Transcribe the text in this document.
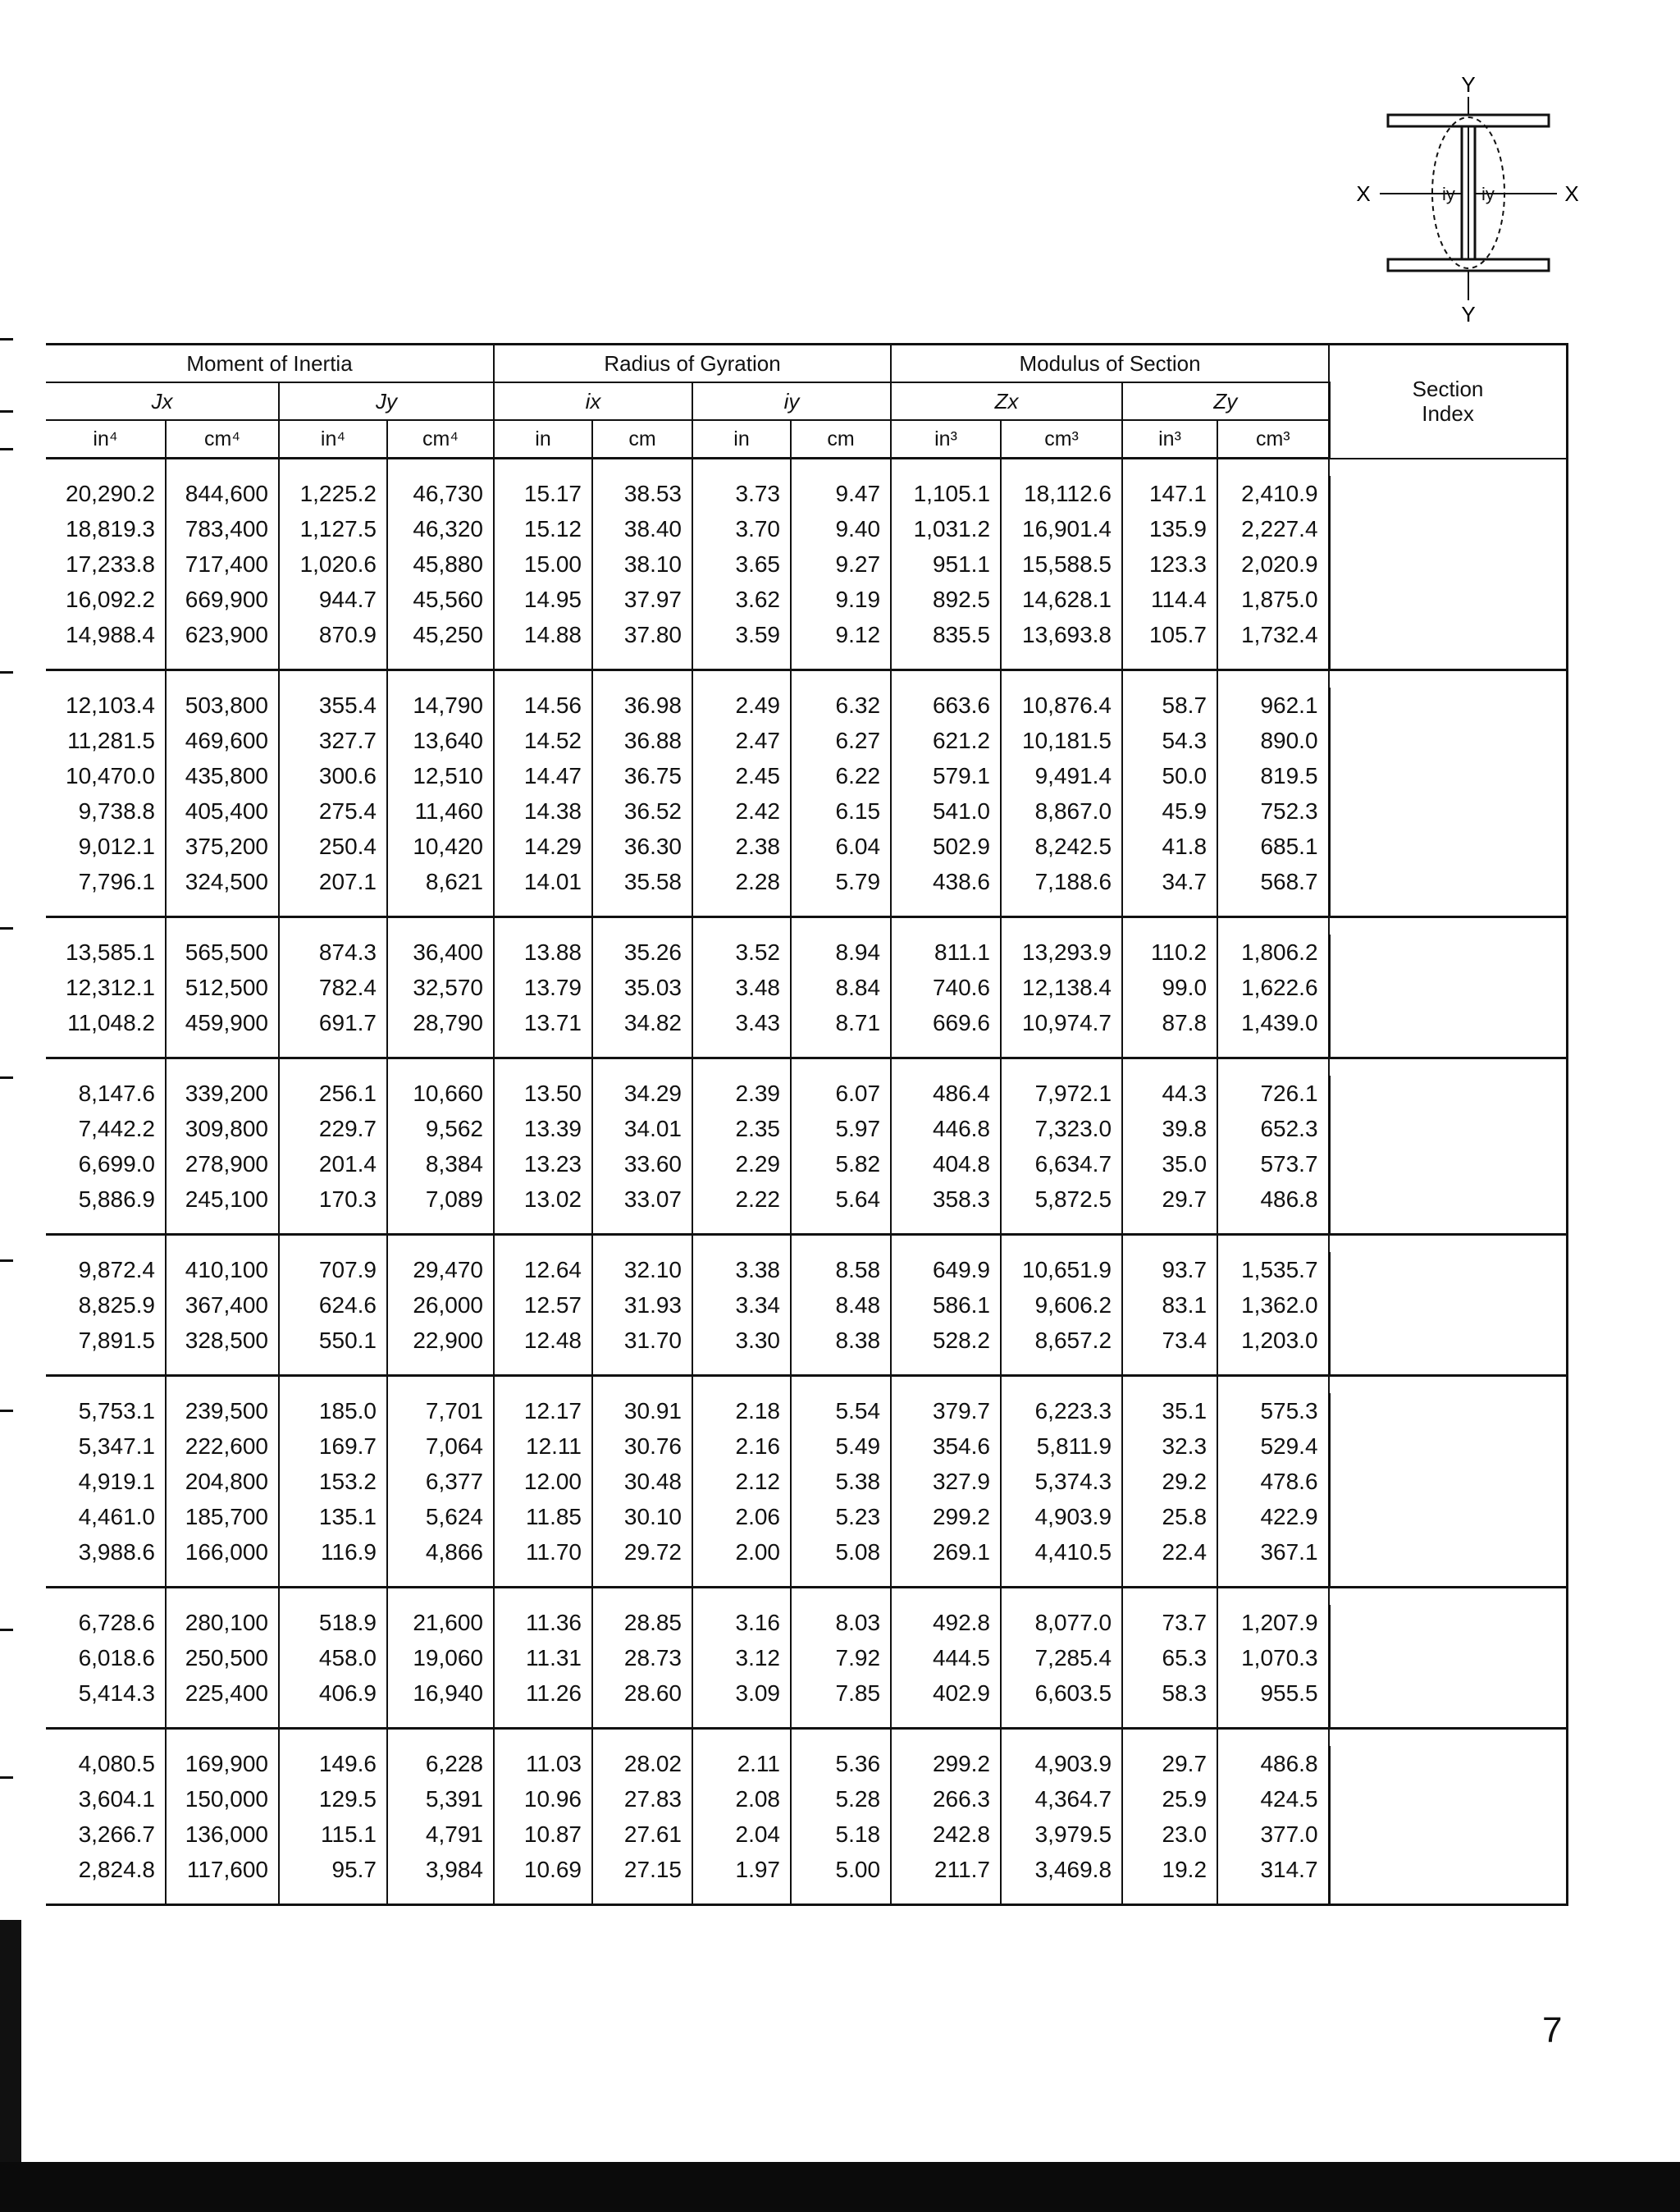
Y
Y
X	X
iy iy
Moment of Inertia				Radius of Gyration				Modulus of Section				Section
Index

Jx		Jy		ix		iy		Zx		Zy		
in⁴	cm⁴	in⁴	cm⁴	in	cm	in	cm	in³	cm³	in³	cm³	

20,290.2	844,600	1,225.2	46,730	15.17	38.53	3.73	9.47	1,105.1	18,112.6	147.1	2,410.9	
18,819.3	783,400	1,127.5	46,320	15.12	38.40	3.70	9.40	1,031.2	16,901.4	135.9	2,227.4	
17,233.8	717,400	1,020.6	45,880	15.00	38.10	3.65	9.27	951.1	15,588.5	123.3	2,020.9	
16,092.2	669,900	944.7	45,560	14.95	37.97	3.62	9.19	892.5	14,628.1	114.4	1,875.0	
14,988.4	623,900	870.9	45,250	14.88	37.80	3.59	9.12	835.5	13,693.8	105.7	1,732.4	

12,103.4	503,800	355.4	14,790	14.56	36.98	2.49	6.32	663.6	10,876.4	58.7	962.1	
11,281.5	469,600	327.7	13,640	14.52	36.88	2.47	6.27	621.2	10,181.5	54.3	890.0	
10,470.0	435,800	300.6	12,510	14.47	36.75	2.45	6.22	579.1	9,491.4	50.0	819.5	
9,738.8	405,400	275.4	11,460	14.38	36.52	2.42	6.15	541.0	8,867.0	45.9	752.3	
9,012.1	375,200	250.4	10,420	14.29	36.30	2.38	6.04	502.9	8,242.5	41.8	685.1	
7,796.1	324,500	207.1	8,621	14.01	35.58	2.28	5.79	438.6	7,188.6	34.7	568.7	

13,585.1	565,500	874.3	36,400	13.88	35.26	3.52	8.94	811.1	13,293.9	110.2	1,806.2	
12,312.1	512,500	782.4	32,570	13.79	35.03	3.48	8.84	740.6	12,138.4	99.0	1,622.6	
11,048.2	459,900	691.7	28,790	13.71	34.82	3.43	8.71	669.6	10,974.7	87.8	1,439.0	

8,147.6	339,200	256.1	10,660	13.50	34.29	2.39	6.07	486.4	7,972.1	44.3	726.1	
7,442.2	309,800	229.7	9,562	13.39	34.01	2.35	5.97	446.8	7,323.0	39.8	652.3	
6,699.0	278,900	201.4	8,384	13.23	33.60	2.29	5.82	404.8	6,634.7	35.0	573.7	
5,886.9	245,100	170.3	7,089	13.02	33.07	2.22	5.64	358.3	5,872.5	29.7	486.8	

9,872.4	410,100	707.9	29,470	12.64	32.10	3.38	8.58	649.9	10,651.9	93.7	1,535.7	
8,825.9	367,400	624.6	26,000	12.57	31.93	3.34	8.48	586.1	9,606.2	83.1	1,362.0	
7,891.5	328,500	550.1	22,900	12.48	31.70	3.30	8.38	528.2	8,657.2	73.4	1,203.0	

5,753.1	239,500	185.0	7,701	12.17	30.91	2.18	5.54	379.7	6,223.3	35.1	575.3	
5,347.1	222,600	169.7	7,064	12.11	30.76	2.16	5.49	354.6	5,811.9	32.3	529.4	
4,919.1	204,800	153.2	6,377	12.00	30.48	2.12	5.38	327.9	5,374.3	29.2	478.6	
4,461.0	185,700	135.1	5,624	11.85	30.10	2.06	5.23	299.2	4,903.9	25.8	422.9	
3,988.6	166,000	116.9	4,866	11.70	29.72	2.00	5.08	269.1	4,410.5	22.4	367.1	

6,728.6	280,100	518.9	21,600	11.36	28.85	3.16	8.03	492.8	8,077.0	73.7	1,207.9	
6,018.6	250,500	458.0	19,060	11.31	28.73	3.12	7.92	444.5	7,285.4	65.3	1,070.3	
5,414.3	225,400	406.9	16,940	11.26	28.60	3.09	7.85	402.9	6,603.5	58.3	955.5	

4,080.5	169,900	149.6	6,228	11.03	28.02	2.11	5.36	299.2	4,903.9	29.7	486.8	
3,604.1	150,000	129.5	5,391	10.96	27.83	2.08	5.28	266.3	4,364.7	25.9	424.5	
3,266.7	136,000	115.1	4,791	10.87	27.61	2.04	5.18	242.8	3,979.5	23.0	377.0	
2,824.8	117,600	95.7	3,984	10.69	27.15	1.97	5.00	211.7	3,469.8	19.2	314.7	

7
